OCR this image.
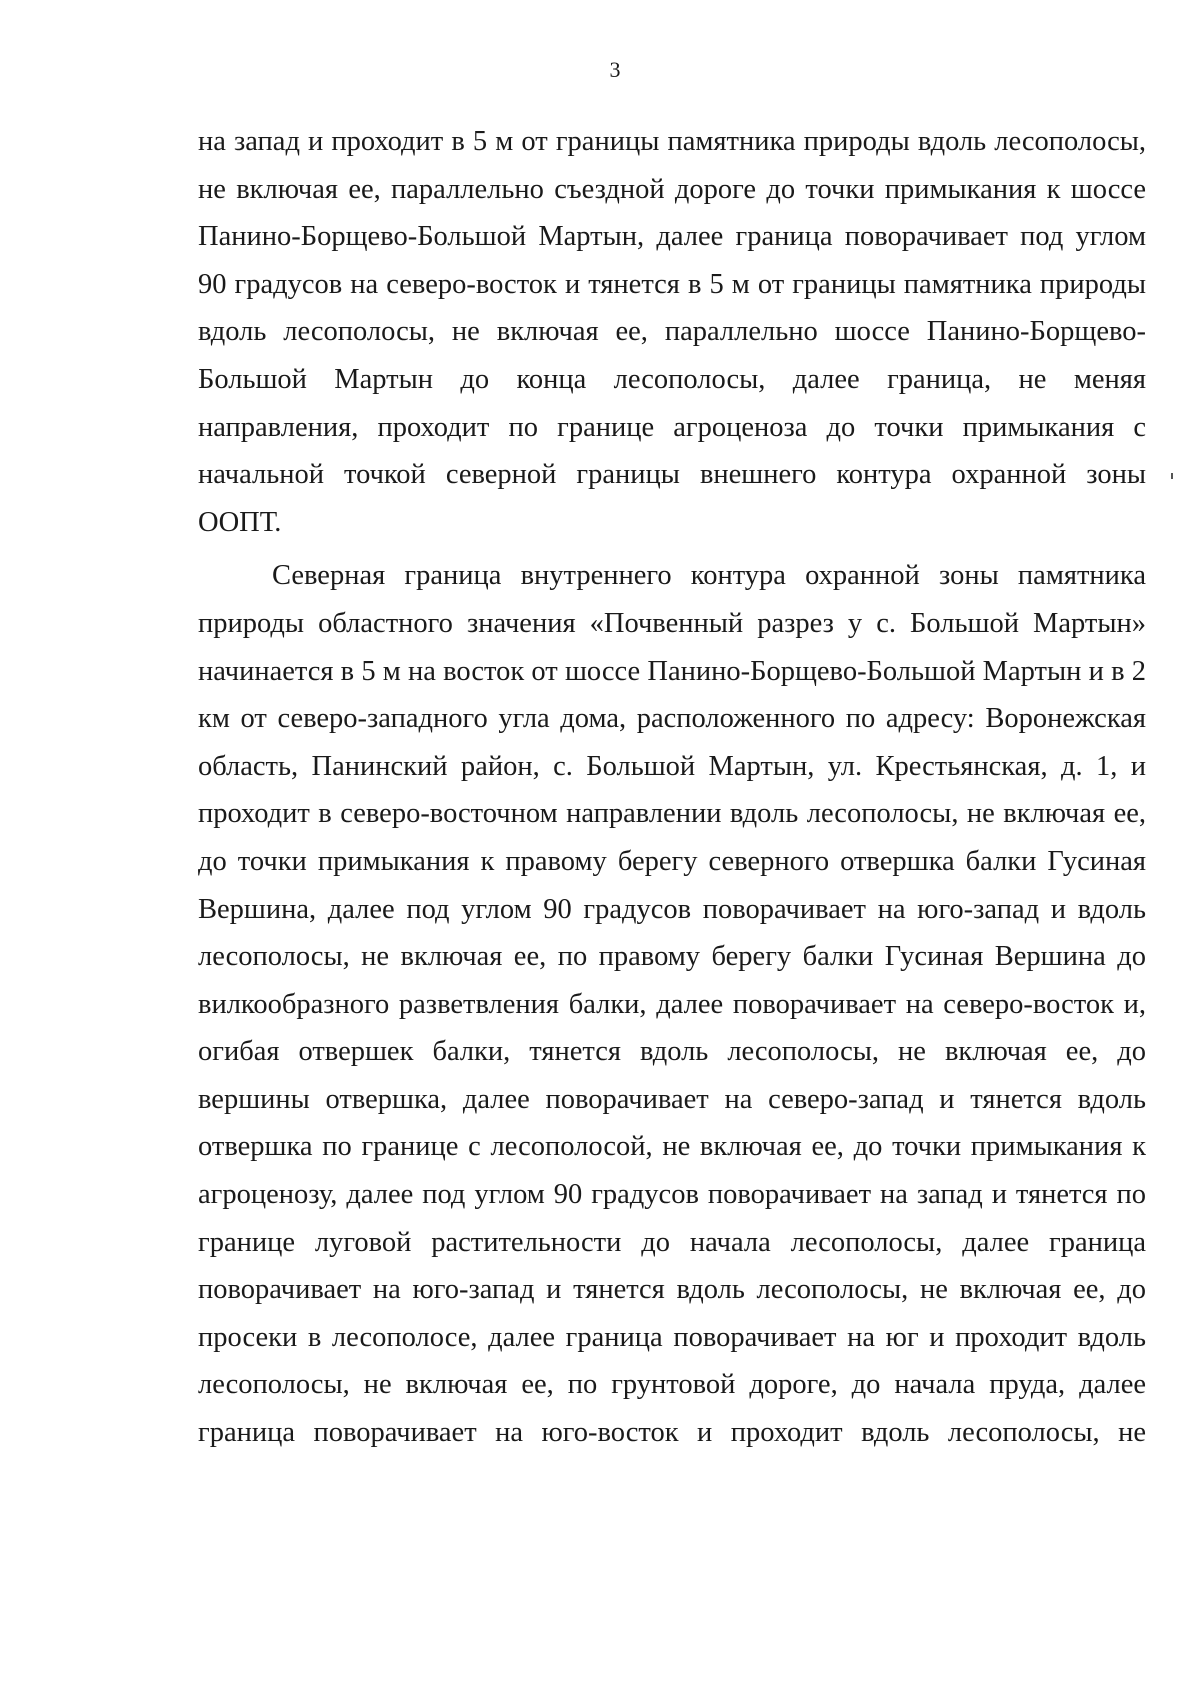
3
на запад и проходит в 5 м от границы памятника природы вдоль лесополосы,
не включая ее, параллельно съездной дороге до точки примыкания к шоссе
Панино-Борщево-Большой Мартын, далее граница поворачивает под углом
90 градусов на северо-восток и тянется в 5 м от границы памятника природы
вдоль лесополосы, не включая ее, параллельно шоссе Панино-Борщево-
Большой Мартын до конца лесополосы, далее граница, не меняя
направления, проходит по границе агроценоза до точки примыкания с
начальной точкой северной границы внешнего контура охранной зоны
ООПТ.
Северная граница внутреннего контура охранной зоны памятника
природы областного значения «Почвенный разрез у с. Большой Мартын»
начинается в 5 м на восток от шоссе Панино-Борщево-Большой Мартын и в 2
км от северо-западного угла дома, расположенного по адресу: Воронежская
область, Панинский район, с. Большой Мартын, ул. Крестьянская, д. 1, и
проходит в северо-восточном направлении вдоль лесополосы, не включая ее,
до точки примыкания к правому берегу северного отвершка балки Гусиная
Вершина, далее под углом 90 градусов поворачивает на юго-запад и вдоль
лесополосы, не включая ее, по правому берегу балки Гусиная Вершина до
вилкообразного разветвления балки, далее поворачивает на северо-восток и,
огибая отвершек балки, тянется вдоль лесополосы, не включая ее, до
вершины отвершка, далее поворачивает на северо-запад и тянется вдоль
отвершка по границе с лесополосой, не включая ее, до точки примыкания к
агроценозу, далее под углом 90 градусов поворачивает на запад и тянется по
границе луговой растительности до начала лесополосы, далее граница
поворачивает на юго-запад и тянется вдоль лесополосы, не включая ее, до
просеки в лесополосе, далее граница поворачивает на юг и проходит вдоль
лесополосы, не включая ее, по грунтовой дороге, до начала пруда, далее
граница поворачивает на юго-восток и проходит вдоль лесополосы, не
